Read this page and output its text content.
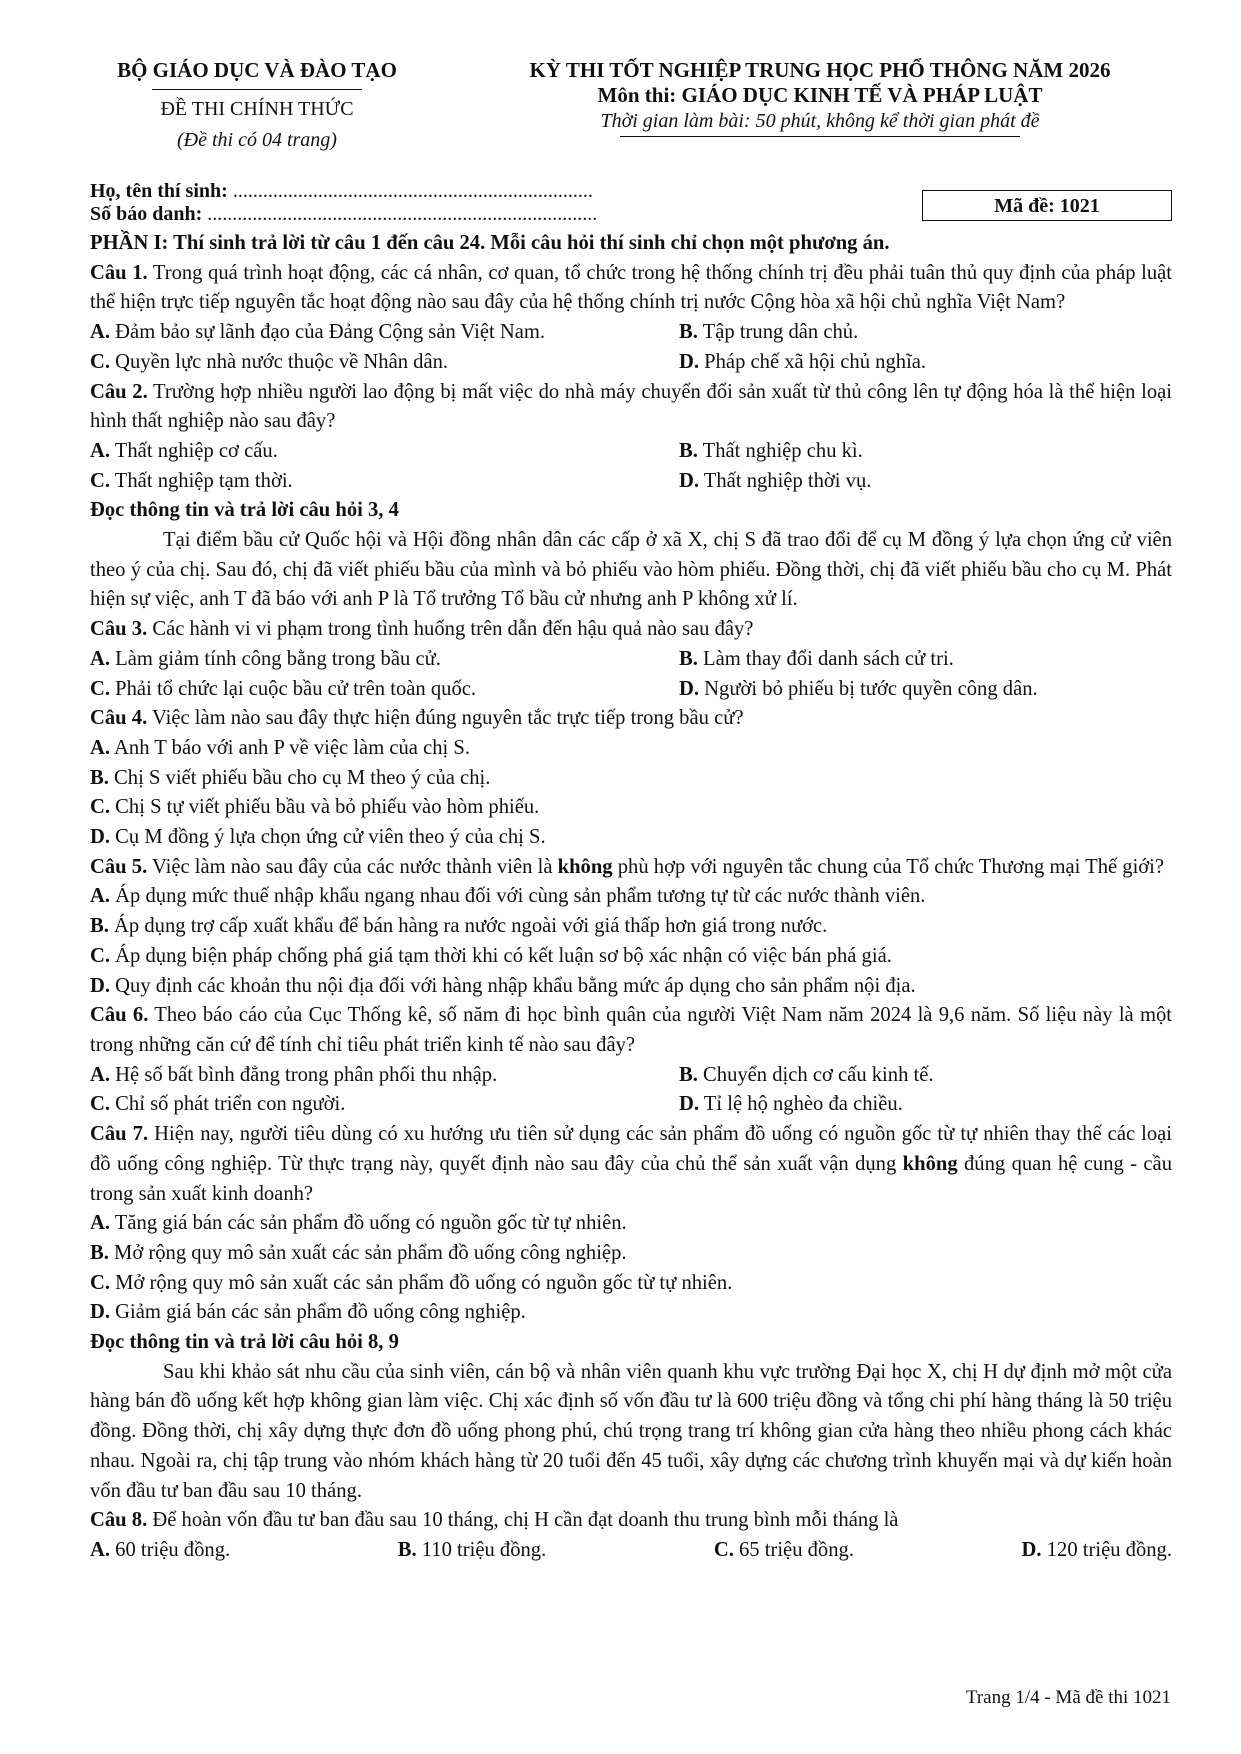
BỘ GIÁO DỤC VÀ ĐÀO TẠO
ĐỀ THI CHÍNH THỨC
(Đề thi có 04 trang)
KỲ THI TỐT NGHIỆP TRUNG HỌC PHỔ THÔNG NĂM 2026
Môn thi: GIÁO DỤC KINH TẾ VÀ PHÁP LUẬT
Thời gian làm bài: 50 phút, không kể thời gian phát đề
Họ, tên thí sinh: ........................................................................
Số báo danh: ..............................................................................	Mã đề: 1021

PHẦN I: Thí sinh trả lời từ câu 1 đến câu 24. Mỗi câu hỏi thí sinh chỉ chọn một phương án.

Câu 1. Trong quá trình hoạt động, các cá nhân, cơ quan, tổ chức trong hệ thống chính trị đều phải tuân thủ quy định của pháp luật thể hiện trực tiếp nguyên tắc hoạt động nào sau đây của hệ thống chính trị nước Cộng hòa xã hội chủ nghĩa Việt Nam?

A. Đảm bảo sự lãnh đạo của Đảng Cộng sản Việt Nam.	B. Tập trung dân chủ.
C. Quyền lực nhà nước thuộc về Nhân dân.	D. Pháp chế xã hội chủ nghĩa.

Câu 2. Trường hợp nhiều người lao động bị mất việc do nhà máy chuyển đổi sản xuất từ thủ công lên tự động hóa là thể hiện loại hình thất nghiệp nào sau đây?

A. Thất nghiệp cơ cấu.	B. Thất nghiệp chu kì.
C. Thất nghiệp tạm thời.	D. Thất nghiệp thời vụ.

Đọc thông tin và trả lời câu hỏi 3, 4

Tại điểm bầu cử Quốc hội và Hội đồng nhân dân các cấp ở xã X, chị S đã trao đổi để cụ M đồng ý lựa chọn ứng cử viên theo ý của chị. Sau đó, chị đã viết phiếu bầu của mình và bỏ phiếu vào hòm phiếu. Đồng thời, chị đã viết phiếu bầu cho cụ M. Phát hiện sự việc, anh T đã báo với anh P là Tổ trưởng Tổ bầu cử nhưng anh P không xử lí.

Câu 3. Các hành vi vi phạm trong tình huống trên dẫn đến hậu quả nào sau đây?

A. Làm giảm tính công bằng trong bầu cử.	B. Làm thay đổi danh sách cử tri.
C. Phải tổ chức lại cuộc bầu cử trên toàn quốc.	D. Người bỏ phiếu bị tước quyền công dân.

Câu 4. Việc làm nào sau đây thực hiện đúng nguyên tắc trực tiếp trong bầu cử?

A. Anh T báo với anh P về việc làm của chị S.

B. Chị S viết phiếu bầu cho cụ M theo ý của chị.

C. Chị S tự viết phiếu bầu và bỏ phiếu vào hòm phiếu.

D. Cụ M đồng ý lựa chọn ứng cử viên theo ý của chị S.

Câu 5. Việc làm nào sau đây của các nước thành viên là không phù hợp với nguyên tắc chung của Tổ chức Thương mại Thế giới?

A. Áp dụng mức thuế nhập khẩu ngang nhau đối với cùng sản phẩm tương tự từ các nước thành viên.

B. Áp dụng trợ cấp xuất khẩu để bán hàng ra nước ngoài với giá thấp hơn giá trong nước.

C. Áp dụng biện pháp chống phá giá tạm thời khi có kết luận sơ bộ xác nhận có việc bán phá giá.

D. Quy định các khoản thu nội địa đối với hàng nhập khẩu bằng mức áp dụng cho sản phẩm nội địa.

Câu 6. Theo báo cáo của Cục Thống kê, số năm đi học bình quân của người Việt Nam năm 2024 là 9,6 năm. Số liệu này là một trong những căn cứ để tính chỉ tiêu phát triển kinh tế nào sau đây?

A. Hệ số bất bình đẳng trong phân phối thu nhập.	B. Chuyển dịch cơ cấu kinh tế.
C. Chỉ số phát triển con người.	D. Tỉ lệ hộ nghèo đa chiều.

Câu 7. Hiện nay, người tiêu dùng có xu hướng ưu tiên sử dụng các sản phẩm đồ uống có nguồn gốc từ tự nhiên thay thế các loại đồ uống công nghiệp. Từ thực trạng này, quyết định nào sau đây của chủ thể sản xuất vận dụng không đúng quan hệ cung - cầu trong sản xuất kinh doanh?

A. Tăng giá bán các sản phẩm đồ uống có nguồn gốc từ tự nhiên.

B. Mở rộng quy mô sản xuất các sản phẩm đồ uống công nghiệp.

C. Mở rộng quy mô sản xuất các sản phẩm đồ uống có nguồn gốc từ tự nhiên.

D. Giảm giá bán các sản phẩm đồ uống công nghiệp.

Đọc thông tin và trả lời câu hỏi 8, 9

Sau khi khảo sát nhu cầu của sinh viên, cán bộ và nhân viên quanh khu vực trường Đại học X, chị H dự định mở một cửa hàng bán đồ uống kết hợp không gian làm việc. Chị xác định số vốn đầu tư là 600 triệu đồng và tổng chi phí hàng tháng là 50 triệu đồng. Đồng thời, chị xây dựng thực đơn đồ uống phong phú, chú trọng trang trí không gian cửa hàng theo nhiều phong cách khác nhau. Ngoài ra, chị tập trung vào nhóm khách hàng từ 20 tuổi đến 45 tuổi, xây dựng các chương trình khuyến mại và dự kiến hoàn vốn đầu tư ban đầu sau 10 tháng.

Câu 8. Để hoàn vốn đầu tư ban đầu sau 10 tháng, chị H cần đạt doanh thu trung bình mỗi tháng là

A. 60 triệu đồng.	B. 110 triệu đồng.	C. 65 triệu đồng.	D. 120 triệu đồng.
Trang 1/4 - Mã đề thi 1021
